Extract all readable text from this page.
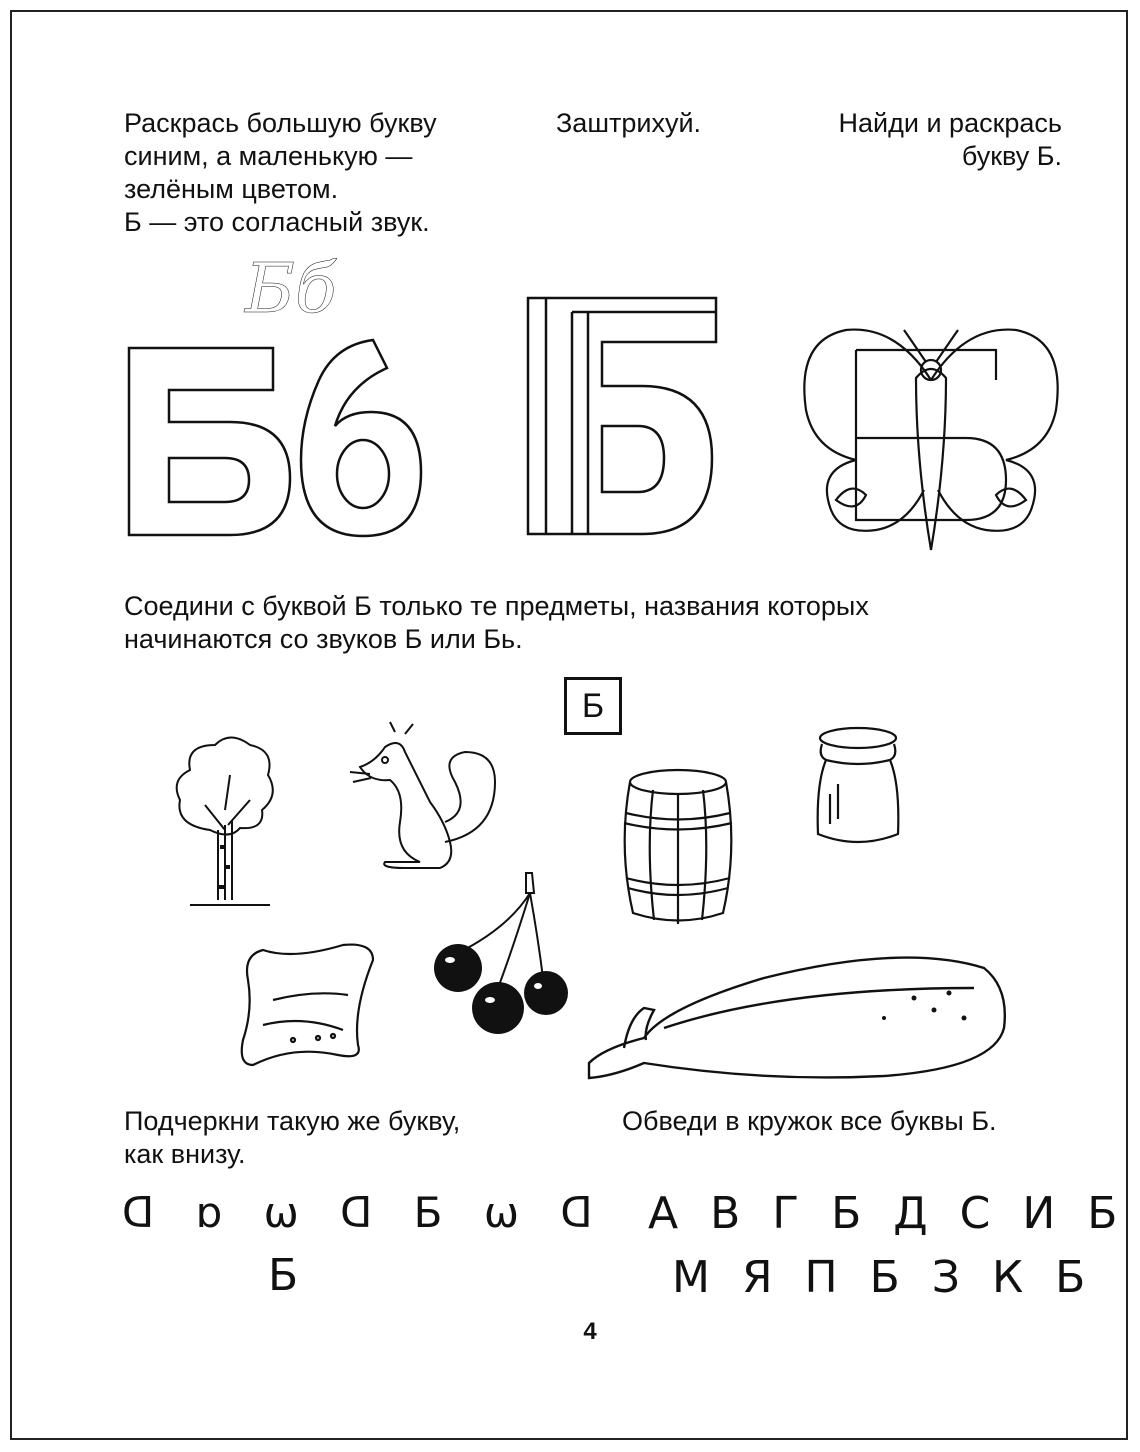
Раскрась большую букву
синим, а маленькую —
зелёным цветом.
Б — это согласный звук.
Заштрихуй.	Найди и раскрась
букву Б.
Бб
Соедини с буквой Б только те предметы, названия которых
начинаются со звуков Б или Бь.
Б
Подчеркни такую же букву,
как внизу.
ᗡ ɒ ω ᗡ Б ω ᗡ
Б
Обведи в кружок все буквы Б.
А В Г Б Д С И Б
М Я П Б З К Б
4
